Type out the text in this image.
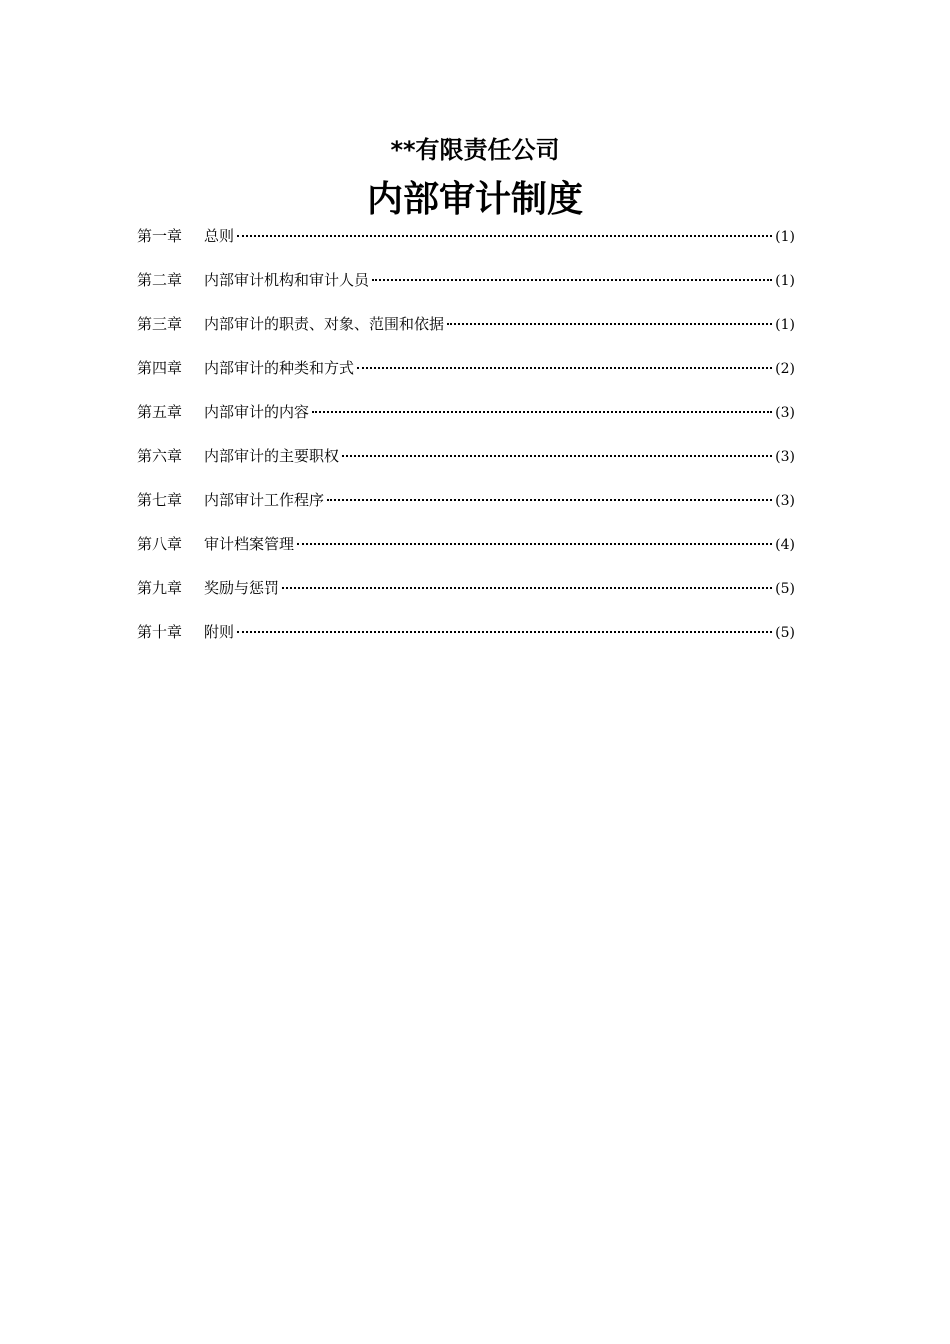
**有限责任公司
内部审计制度
第一章	总则	(1)
第二章	内部审计机构和审计人员	(1)
第三章	内部审计的职责、对象、范围和依据	(1)
第四章	内部审计的种类和方式	(2)
第五章	内部审计的内容	(3)
第六章	内部审计的主要职权	(3)
第七章	内部审计工作程序	(3)
第八章	审计档案管理	(4)
第九章	奖励与惩罚	(5)
第十章	附则	(5)
